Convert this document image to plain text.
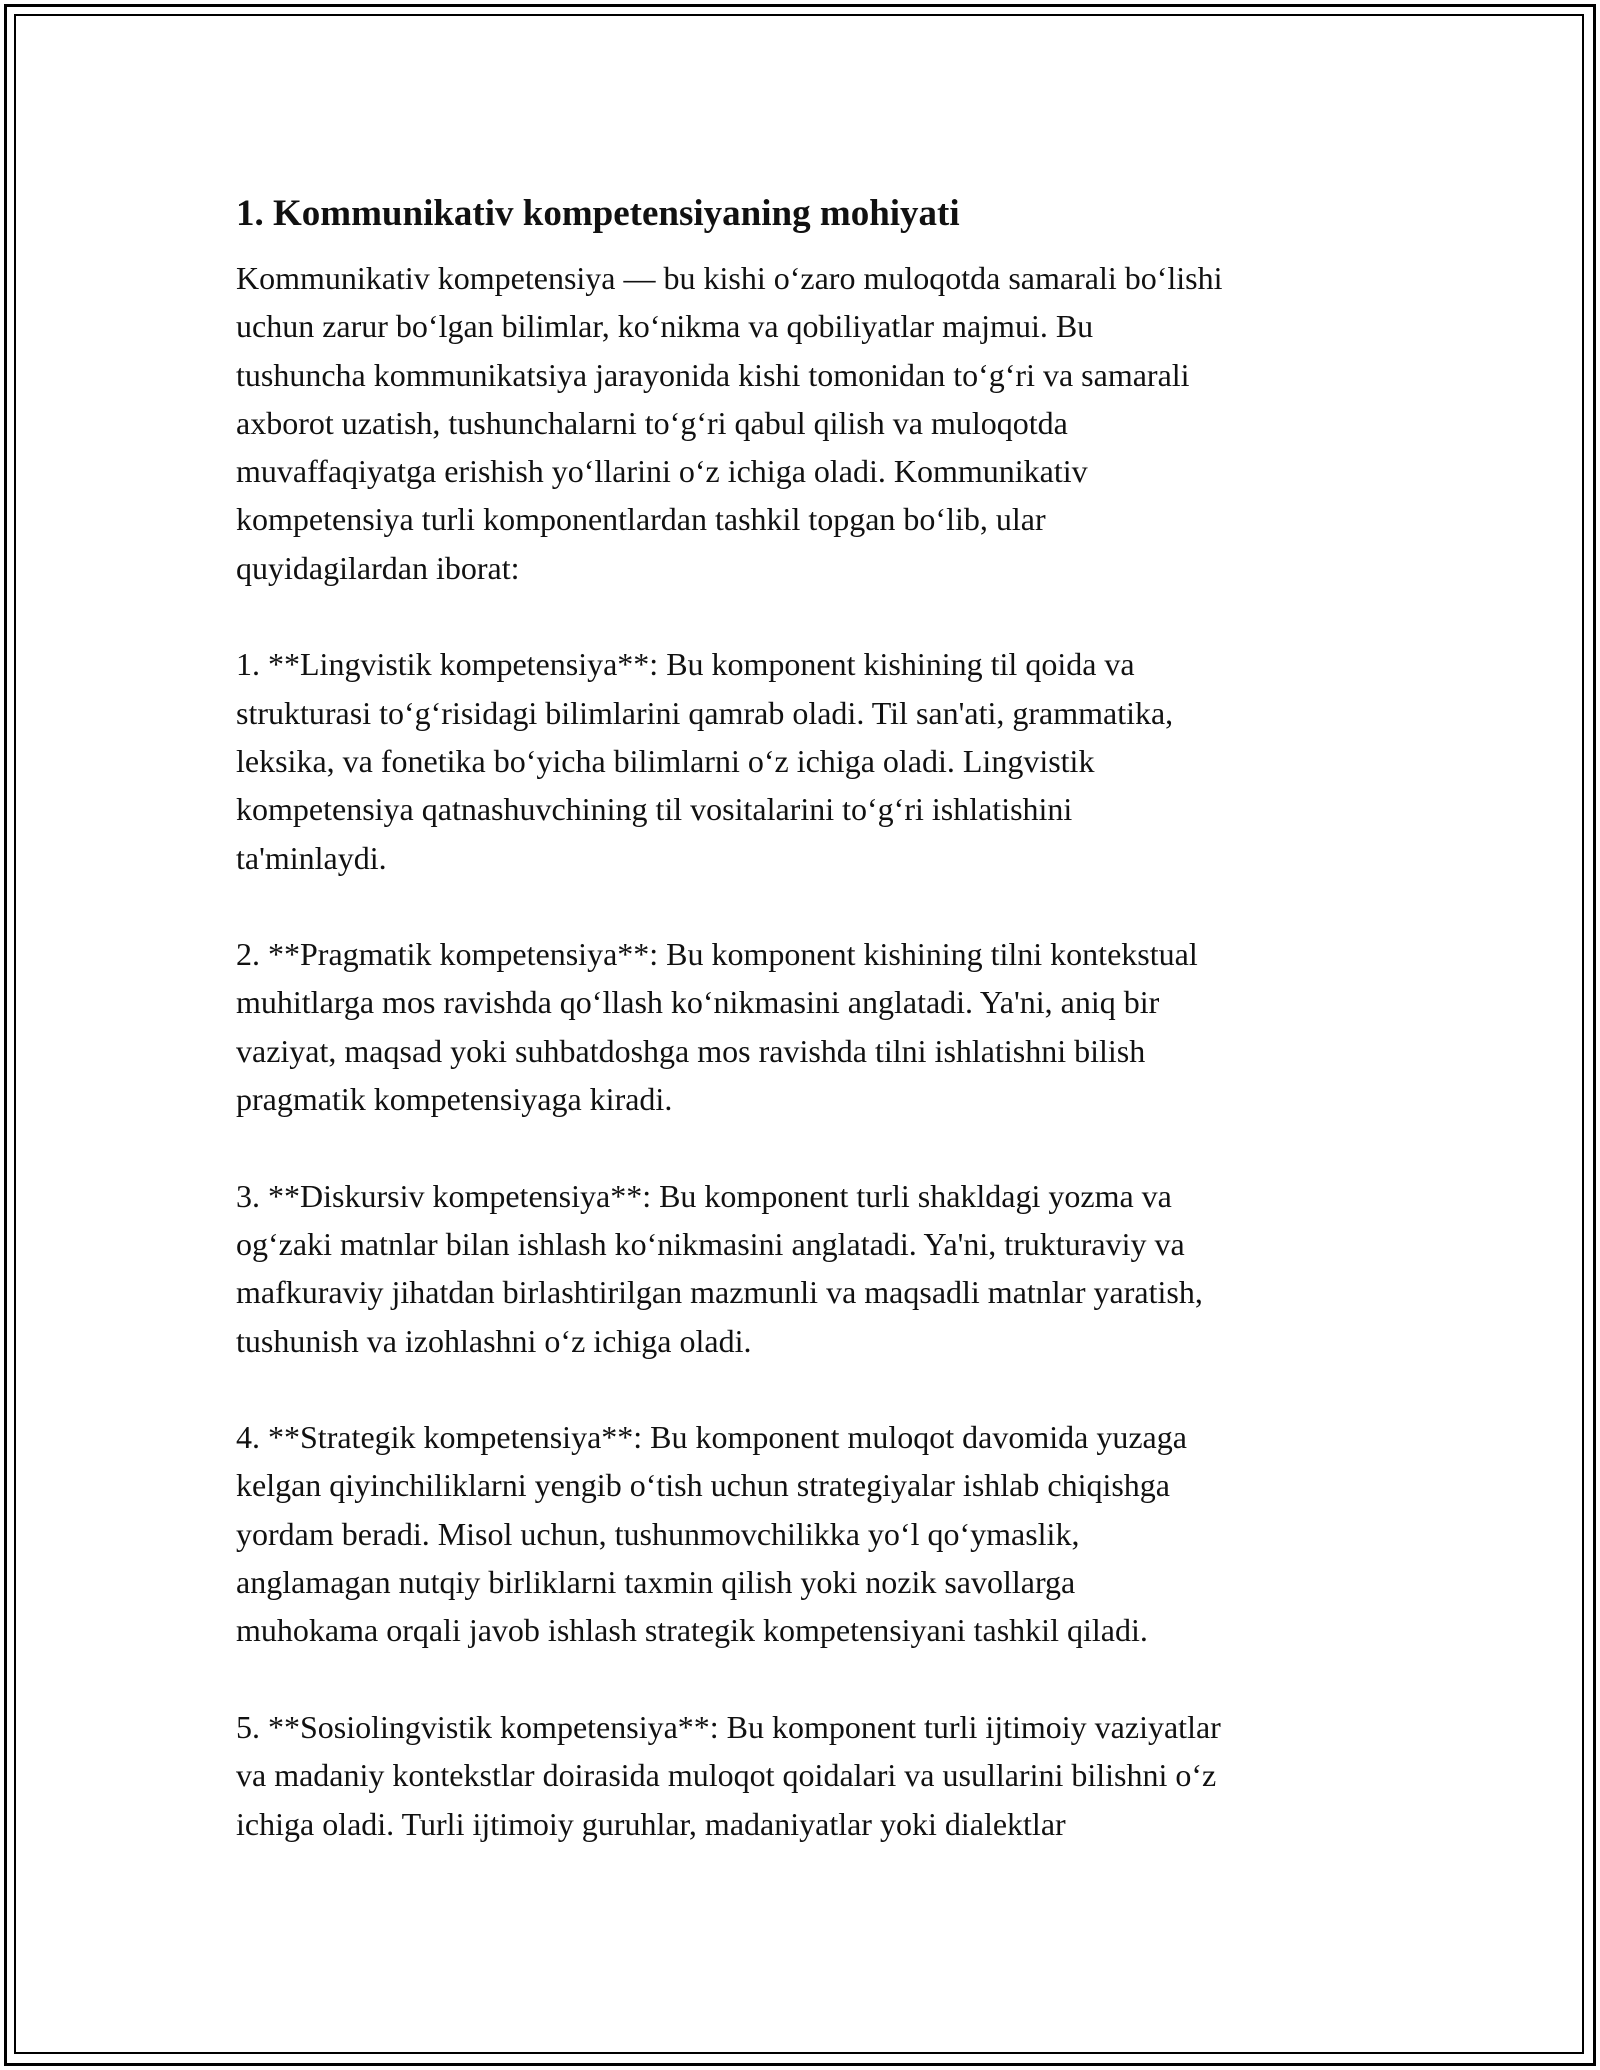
1. Kommunikativ kompetensiyaning mohiyati

Kommunikativ kompetensiya — bu kishi o‘zaro muloqotda samarali bo‘lishi
uchun zarur bo‘lgan bilimlar, ko‘nikma va qobiliyatlar majmui. Bu
tushuncha kommunikatsiya jarayonida kishi tomonidan to‘g‘ri va samarali
axborot uzatish, tushunchalarni to‘g‘ri qabul qilish va muloqotda
muvaffaqiyatga erishish yo‘llarini o‘z ichiga oladi. Kommunikativ
kompetensiya turli komponentlardan tashkil topgan bo‘lib, ular
quyidagilardan iborat:

1. **Lingvistik kompetensiya**: Bu komponent kishining til qoida va
strukturasi to‘g‘risidagi bilimlarini qamrab oladi. Til san'ati, grammatika,
leksika, va fonetika bo‘yicha bilimlarni o‘z ichiga oladi. Lingvistik
kompetensiya qatnashuvchining til vositalarini to‘g‘ri ishlatishini
ta'minlaydi.

2. **Pragmatik kompetensiya**: Bu komponent kishining tilni kontekstual
muhitlarga mos ravishda qo‘llash ko‘nikmasini anglatadi. Ya'ni, aniq bir
vaziyat, maqsad yoki suhbatdoshga mos ravishda tilni ishlatishni bilish
pragmatik kompetensiyaga kiradi.

3. **Diskursiv kompetensiya**: Bu komponent turli shakldagi yozma va
og‘zaki matnlar bilan ishlash ko‘nikmasini anglatadi. Ya'ni, trukturaviy va
mafkuraviy jihatdan birlashtirilgan mazmunli va maqsadli matnlar yaratish,
tushunish va izohlashni o‘z ichiga oladi.

4. **Strategik kompetensiya**: Bu komponent muloqot davomida yuzaga
kelgan qiyinchiliklarni yengib o‘tish uchun strategiyalar ishlab chiqishga
yordam beradi. Misol uchun, tushunmovchilikka yo‘l qo‘ymaslik,
anglamagan nutqiy birliklarni taxmin qilish yoki nozik savollarga
muhokama orqali javob ishlash strategik kompetensiyani tashkil qiladi.

5. **Sosiolingvistik kompetensiya**: Bu komponent turli ijtimoiy vaziyatlar
va madaniy kontekstlar doirasida muloqot qoidalari va usullarini bilishni o‘z
ichiga oladi. Turli ijtimoiy guruhlar, madaniyatlar yoki dialektlar
